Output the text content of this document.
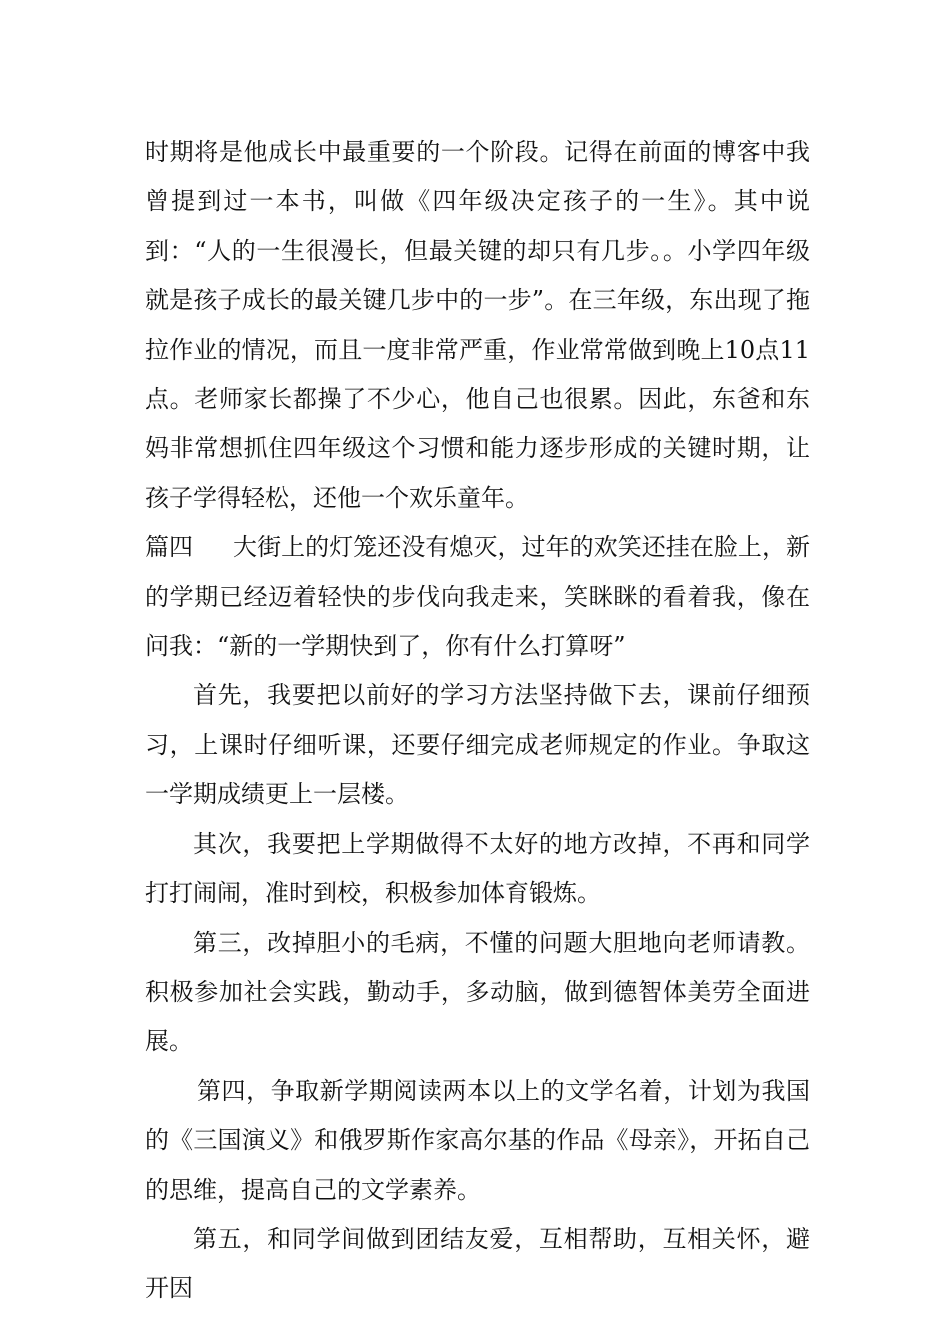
时期将是他成长中最重要的一个阶段。记得在前面的博客中我曾提到过一本书，叫做《四年级决定孩子的一生》。其中说到：“人的一生很漫长，但最关键的却只有几步。。小学四年级就是孩子成长的最关键几步中的一步”。在三年级，东出现了拖拉作业的情况，而且一度非常严重，作业常常做到晚上10点11点。老师家长都操了不少心，他自己也很累。因此，东爸和东妈非常想抓住四年级这个习惯和能力逐步形成的关键时期，让孩子学得轻松，还他一个欢乐童年。

篇四 大街上的灯笼还没有熄灭，过年的欢笑还挂在脸上，新的学期已经迈着轻快的步伐向我走来，笑眯眯的看着我，像在问我：“新的一学期快到了，你有什么打算呀”

首先，我要把以前好的学习方法坚持做下去，课前仔细预习，上课时仔细听课，还要仔细完成老师规定的作业。争取这一学期成绩更上一层楼。

其次，我要把上学期做得不太好的地方改掉，不再和同学打打闹闹，准时到校，积极参加体育锻炼。

第三，改掉胆小的毛病，不懂的问题大胆地向老师请教。积极参加社会实践，勤动手，多动脑，做到德智体美劳全面进展。

第四，争取新学期阅读两本以上的文学名着，计划为我国的《三国演义》和俄罗斯作家高尔基的作品《母亲》，开拓自己的思维，提高自己的文学素养。

第五，和同学间做到团结友爱，互相帮助，互相关怀，避开因
